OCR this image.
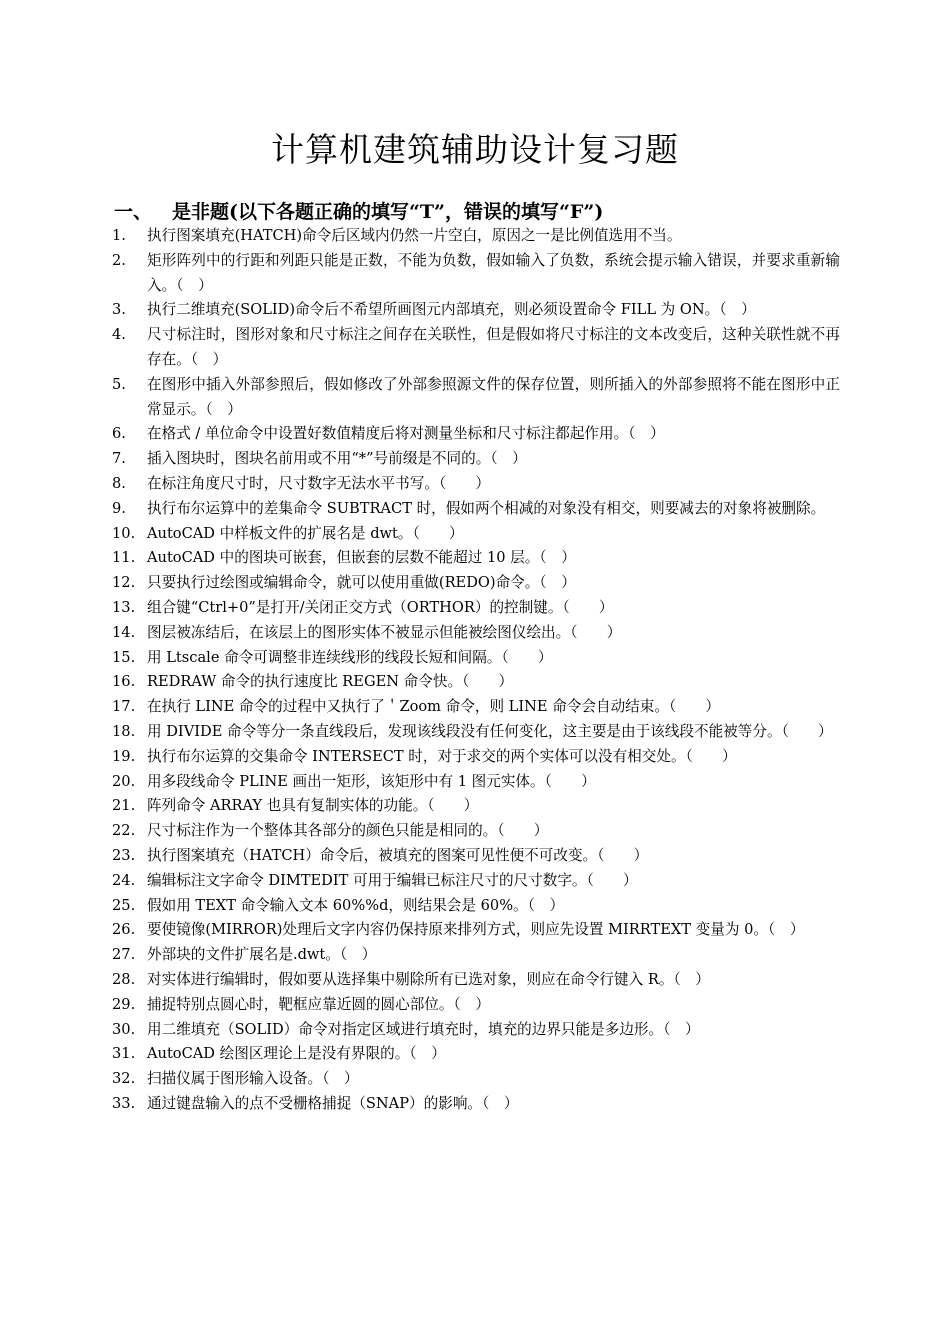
计算机建筑辅助设计复习题
一、 是非题(以下各题正确的填写“T”，错误的填写“F”)
1. 执行图案填充(HATCH)命令后区域内仍然一片空白，原因之一是比例值选用不当。
2. 矩形阵列中的行距和列距只能是正数，不能为负数，假如输入了负数，系统会提示输入错误，并要求重新输入。（　）
3. 执行二维填充(SOLID)命令后不希望所画图元内部填充，则必须设置命令 FILL 为 ON。（　）
4. 尺寸标注时，图形对象和尺寸标注之间存在关联性，但是假如将尺寸标注的文本改变后，这种关联性就不再存在。（　）
5. 在图形中插入外部参照后，假如修改了外部参照源文件的保存位置，则所插入的外部参照将不能在图形中正常显示。（　）
6. 在格式 / 单位命令中设置好数值精度后将对测量坐标和尺寸标注都起作用。（　）
7. 插入图块时，图块名前用或不用“*”号前缀是不同的。（　）
8. 在标注角度尺寸时，尺寸数字无法水平书写。（　　）
9. 执行布尔运算中的差集命令 SUBTRACT 时，假如两个相减的对象没有相交，则要减去的对象将被删除。
10. AutoCAD 中样板文件的扩展名是 dwt。（　　）
11. AutoCAD 中的图块可嵌套，但嵌套的层数不能超过 10 层。（　）
12. 只要执行过绘图或编辑命令，就可以使用重做(REDO)命令。（　）
13. 组合键“Ctrl+0”是打开/关闭正交方式（ORTHOR）的控制键。（　　）
14. 图层被冻结后，在该层上的图形实体不被显示但能被绘图仪绘出。（　　）
15. 用 Ltscale 命令可调整非连续线形的线段长短和间隔。（　　）
16. REDRAW 命令的执行速度比 REGEN 命令快。（　　）
17. 在执行 LINE 命令的过程中又执行了＇Zoom 命令，则 LINE 命令会自动结束。（　　）
18. 用 DIVIDE 命令等分一条直线段后，发现该线段没有任何变化，这主要是由于该线段不能被等分。（　　）
19. 执行布尔运算的交集命令 INTERSECT 时，对于求交的两个实体可以没有相交处。（　　）
20. 用多段线命令 PLINE 画出一矩形，该矩形中有 1 图元实体。（　　）
21. 阵列命令 ARRAY 也具有复制实体的功能。（　　）
22. 尺寸标注作为一个整体其各部分的颜色只能是相同的。（　　）
23. 执行图案填充（HATCH）命令后，被填充的图案可见性便不可改变。（　　）
24. 编辑标注文字命令 DIMTEDIT 可用于编辑已标注尺寸的尺寸数字。（　　）
25. 假如用 TEXT 命令输入文本 60%%d，则结果会是 60%。（　）
26. 要使镜像(MIRROR)处理后文字内容仍保持原来排列方式，则应先设置 MIRRTEXT 变量为 0。（　）
27. 外部块的文件扩展名是.dwt。（　）
28. 对实体进行编辑时，假如要从选择集中剔除所有已选对象，则应在命令行键入 R。（　）
29. 捕捉特别点圆心时，靶框应靠近圆的圆心部位。（　）
30. 用二维填充（SOLID）命令对指定区域进行填充时，填充的边界只能是多边形。（　）
31. AutoCAD 绘图区理论上是没有界限的。（　）
32. 扫描仪属于图形输入设备。（　）
33. 通过键盘输入的点不受栅格捕捉（SNAP）的影响。（　）
